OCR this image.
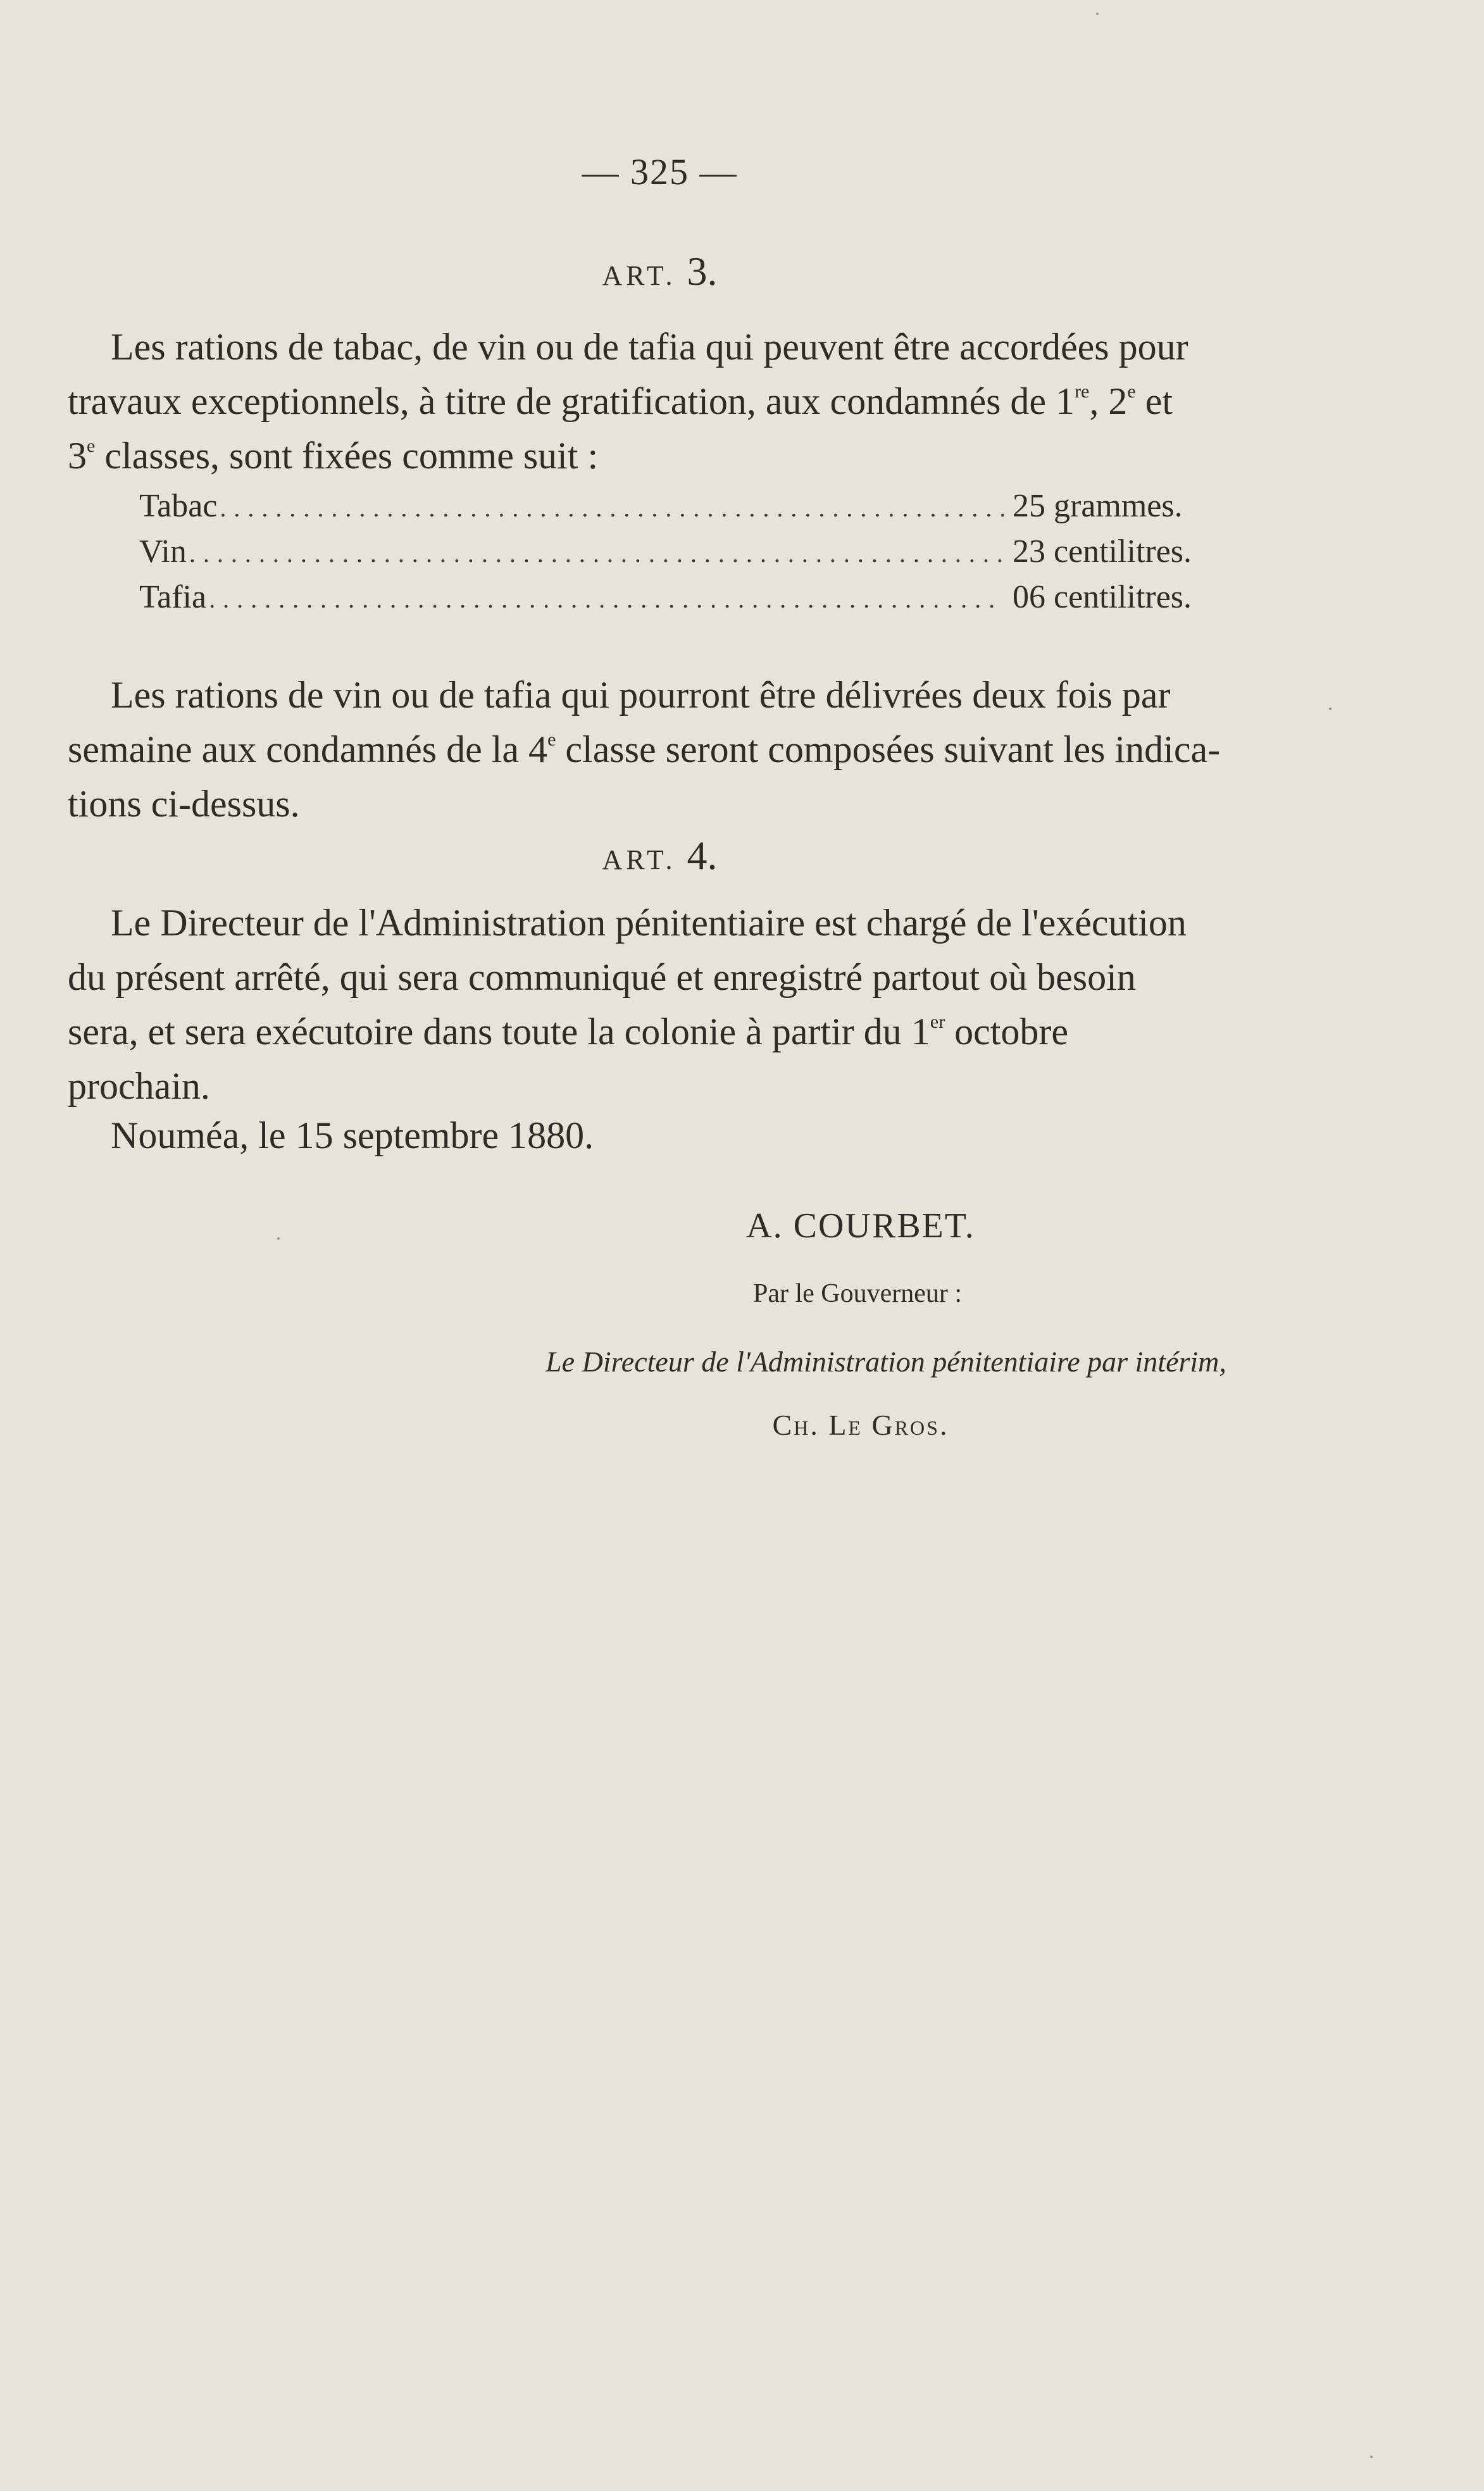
— 325 —
ART. 3.
Les rations de tabac, de vin ou de tafia qui peuvent être accordées pour
travaux exceptionnels, à titre de gratification, aux condamnés de 1re, 2e et
3e classes, sont fixées comme suit :
Tabac .....	25 grammes.
Vin .....	23 centilitres.
Tafia .....	06 centilitres.
Les rations de vin ou de tafia qui pourront être délivrées deux fois par
semaine aux condamnés de la 4e classe seront composées suivant les indica-
tions ci-dessus.
ART. 4.
Le Directeur de l'Administration pénitentiaire est chargé de l'exécution
du présent arrêté, qui sera communiqué et enregistré partout où besoin
sera, et sera exécutoire dans toute la colonie à partir du 1er octobre
prochain.
Nouméa, le 15 septembre 1880.
A. COURBET.
Par le Gouverneur :
Le Directeur de l'Administration pénitentiaire par intérim,
Ch. Le Gros.
